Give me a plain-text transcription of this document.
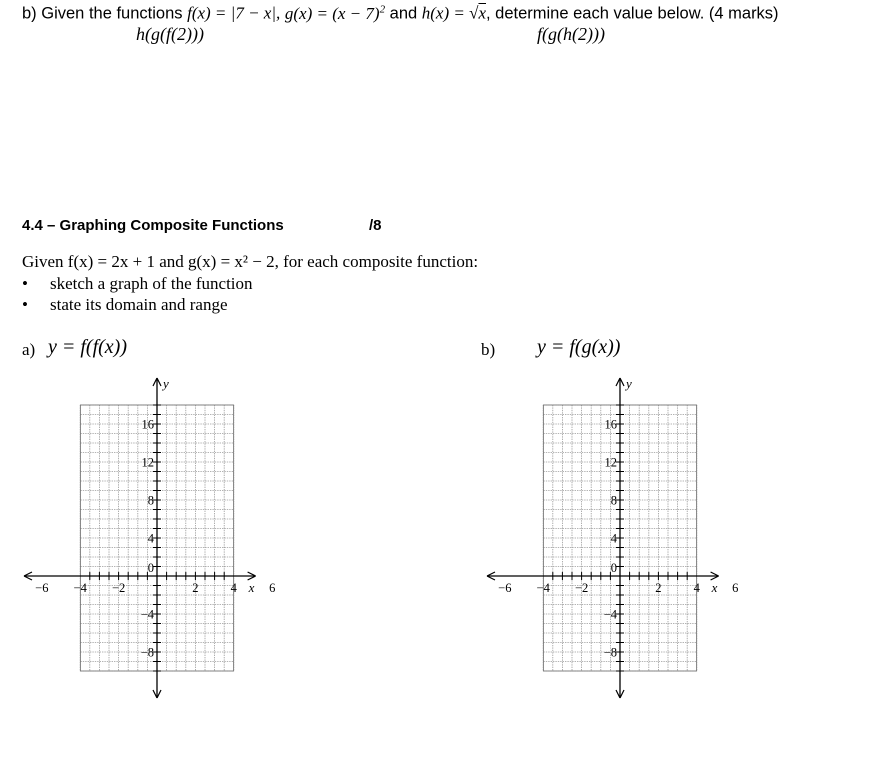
b) Given the functions f(x) = |7 − x|, $g(x) = (x - 7)^2$ and h(x) = √x, determine each value below. (4 marks)
h(g(f(2)))	f(g(h(2)))
4.4 – Graphing Composite Functions	/8
Given f(x) = 2x + 1 and g(x) = x² − 2, for each composite function:
• sketch a graph of the function
• state its domain and range
a) y = f(f(x))	b) y = f(g(x))
−6 −4 −2	2	4	6
16
12
8
4
−4
−8
0
x
y
−6 −4 −2	2	4	6
16
12
8
4
−4
−8
0
x
y
